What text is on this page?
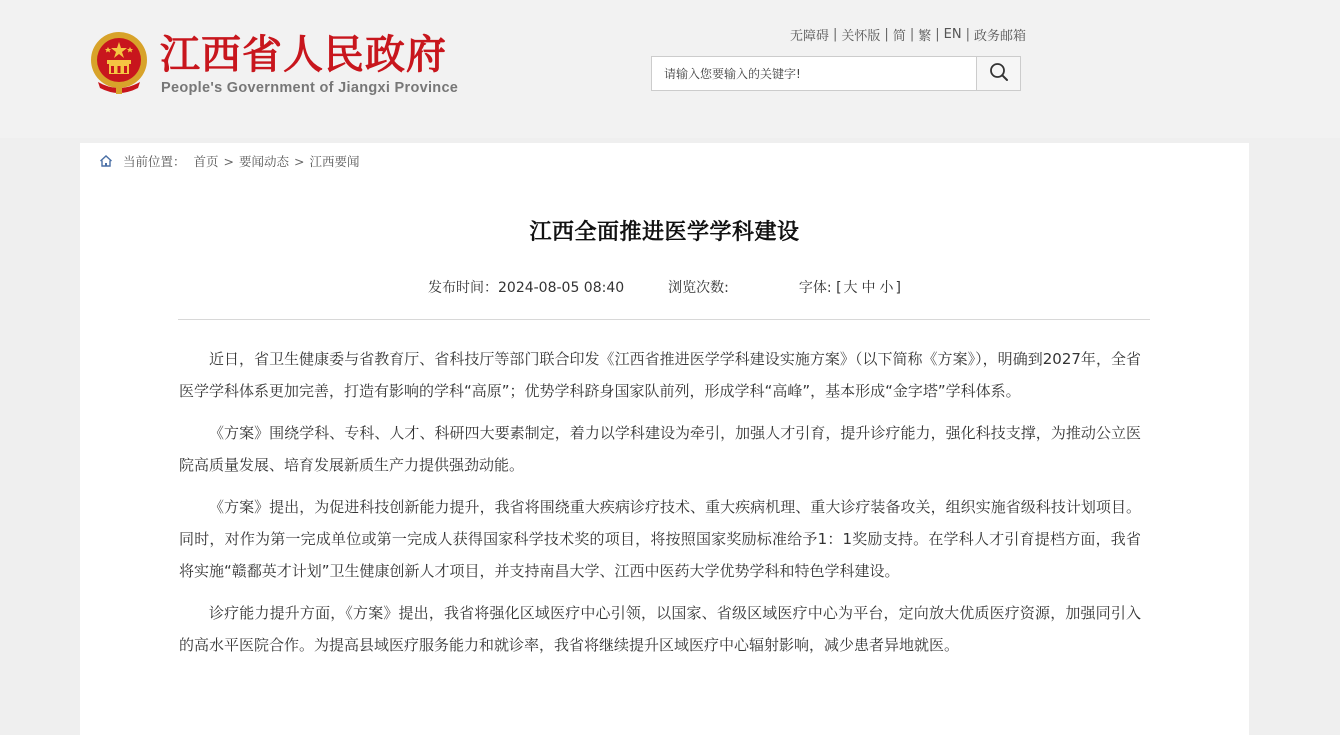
江西省人民政府
People's Government of Jiangxi Province
无障碍 | 关怀版 | 简 | 繁 | EN | 政务邮箱
请输入您要输入的关键字!
当前位置： 首页 > 要闻动态 > 江西要闻
江西全面推进医学学科建设
发布时间：2024-08-05 08:40	浏览次数:	字体: [ 大 中 小 ]

近日，省卫生健康委与省教育厅、省科技厅等部门联合印发《江西省推进医学学科建设实施方案》（以下简称《方案》），明确到2027年，全省医学学科体系更加完善，打造有影响的学科“高原”；优势学科跻身国家队前列，形成学科“高峰”，基本形成“金字塔”学科体系。

《方案》围绕学科、专科、人才、科研四大要素制定，着力以学科建设为牵引，加强人才引育，提升诊疗能力，强化科技支撑，为推动公立医院高质量发展、培育发展新质生产力提供强劲动能。

《方案》提出，为促进科技创新能力提升，我省将围绕重大疾病诊疗技术、重大疾病机理、重大诊疗装备攻关，组织实施省级科技计划项目。同时，对作为第一完成单位或第一完成人获得国家科学技术奖的项目，将按照国家奖励标准给予1：1奖励支持。在学科人才引育提档方面，我省将实施“赣鄱英才计划”卫生健康创新人才项目，并支持南昌大学、江西中医药大学优势学科和特色学科建设。

诊疗能力提升方面，《方案》提出，我省将强化区域医疗中心引领，以国家、省级区域医疗中心为平台，定向放大优质医疗资源，加强同引入的高水平医院合作。为提高县域医疗服务能力和就诊率，我省将继续提升区域医疗中心辐射影响，减少患者异地就医。
